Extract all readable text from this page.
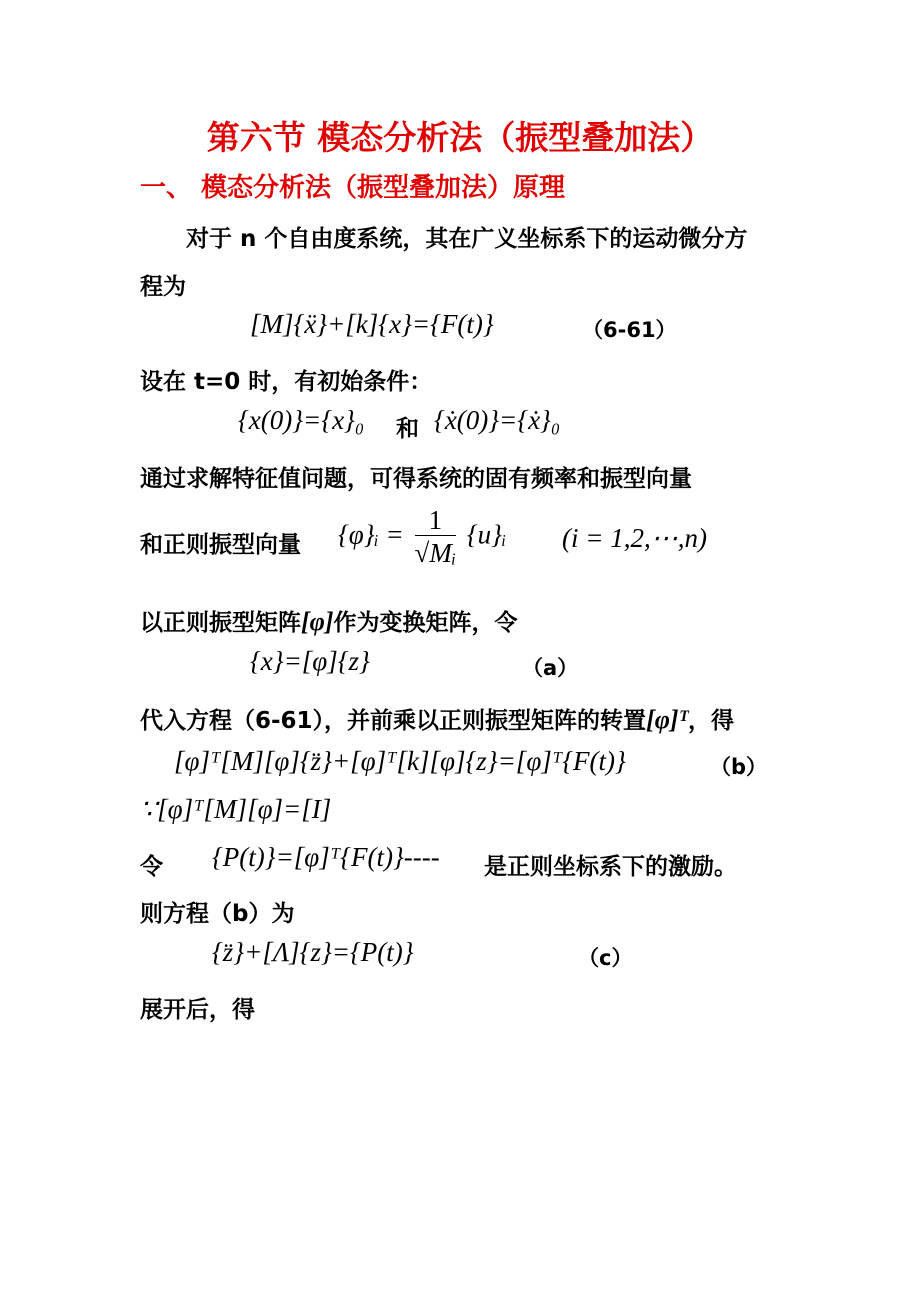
第六节 模态分析法（振型叠加法）
一、 模态分析法（振型叠加法）原理
对于 n 个自由度系统，其在广义坐标系下的运动微分方
程为
[M]{ẍ}+[k]{x}={F(t)}	（6-61）
设在 t=0 时，有初始条件：
{x(0)}={x}₀ 和 {ẋ(0)}={ẋ}₀
通过求解特征值问题，可得系统的固有频率和振型向量
和正则振型向量 {φ}ᵢ = $\frac{1}{\text{√Mᵢ}}$ {u}ᵢ (i = 1,2,⋯,n)
以正则振型矩阵[φ]作为变换矩阵，令
{x}=[φ]{z}	（a）
代入方程（6-61），并前乘以正则振型矩阵的转置[φ]ᵀ，得
[φ]ᵀ[M][φ]{z̈}+[φ]ᵀ[k][φ]{z}=[φ]ᵀ{F(t)}	（b）
∵[φ]ᵀ[M][φ]=[I]
令 {P(t)}=[φ]ᵀ{F(t)}---- 是正则坐标系下的激励。
则方程（b）为
{z̈}+[Λ]{z}={P(t)}	（c）
展开后，得
